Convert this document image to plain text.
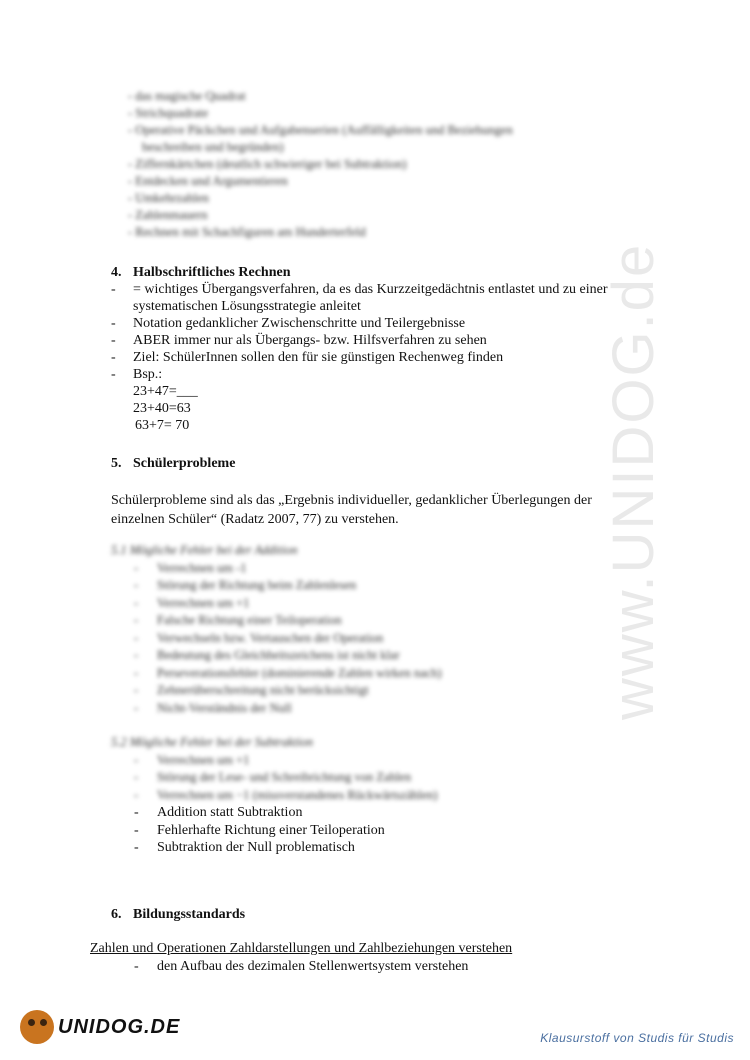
www.UNIDOG.de
- das magische Quadrat
- Strichquadrate
- Operative Päckchen und Aufgabenserien (Auffälligkeiten und Beziehungen
beschreiben und begründen)
- Ziffernkärtchen (deutlich schwieriger bei Subtraktion)
- Entdecken und Argumentieren
- Umkehrzahlen
- Zahlenmauern
- Rechnen mit Schachfiguren am Hunderterfeld
4. Halbschriftliches Rechnen
- = wichtiges Übergangsverfahren, da es das Kurzzeitgedächtnis entlastet und zu einer
systematischen Lösungsstrategie anleitet
- Notation gedanklicher Zwischenschritte und Teilergebnisse
- ABER immer nur als Übergangs- bzw. Hilfsverfahren zu sehen
- Ziel: SchülerInnen sollen den für sie günstigen Rechenweg finden
- Bsp.:
23+47=___
23+40=63
63+7= 70
5. Schülerprobleme

Schülerprobleme sind als das „Ergebnis individueller, gedanklicher Überlegungen der

einzelnen Schüler“ (Radatz 2007, 77) zu verstehen.

5.1 Mögliche Fehler bei der Addition
- Verrechnen um -1
- Störung der Richtung beim Zahlenlesen
- Verrechnen um +1
- Falsche Richtung einer Teiloperation
- Verwechseln bzw. Vertauschen der Operation
- Bedeutung des Gleichheitszeichens ist nicht klar
- Perseverationsfehler (dominierende Zahlen wirken nach)
- Zehnerüberschreitung nicht berücksichtigt
- Nicht-Verständnis der Null
5.2 Mögliche Fehler bei der Subtraktion
- Verrechnen um +1
- Störung der Lese- und Schreibrichtung von Zahlen
- Verrechnen um −1 (missverstandenes Rückwärtszählen)
- Addition statt Subtraktion
- Fehlerhafte Richtung einer Teiloperation
- Subtraktion der Null problematisch
6. Bildungsstandards
Zahlen und Operationen Zahldarstellungen und Zahlbeziehungen verstehen
- den Aufbau des dezimalen Stellenwertsystem verstehen
UNIDOG.DE
Klausurstoff von Studis für Studis
